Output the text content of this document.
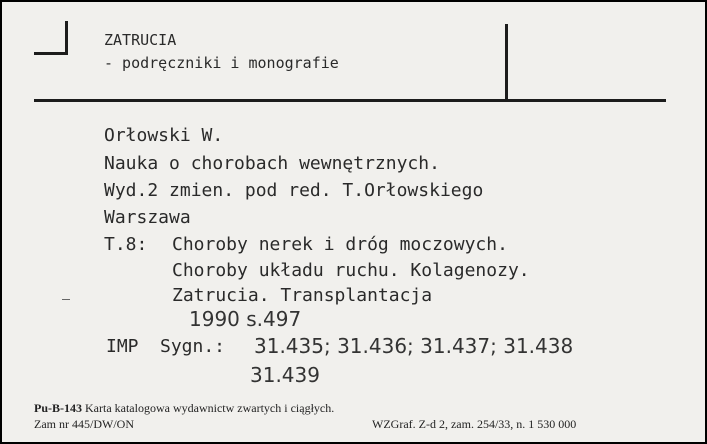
ZATRUCIA
- podręczniki i monografie
Orłowski W.
Nauka o chorobach wewnętrznych.
Wyd.2 zmien. pod red. T.Orłowskiego
Warszawa
T.8: Choroby nerek i dróg moczowych.
Choroby układu ruchu. Kolagenozy.
Zatrucia. Transplantacja
1990 s.497
IMP Sygn.: 31.435; 31.436; 31.437; 31.438
31.439
Pu-B-143 Karta katalogowa wydawnictw zwartych i ciągłych.
Zam nr 445/DW/ON	WZGraf. Z-d 2, zam. 254/33, n. 1 530 000
